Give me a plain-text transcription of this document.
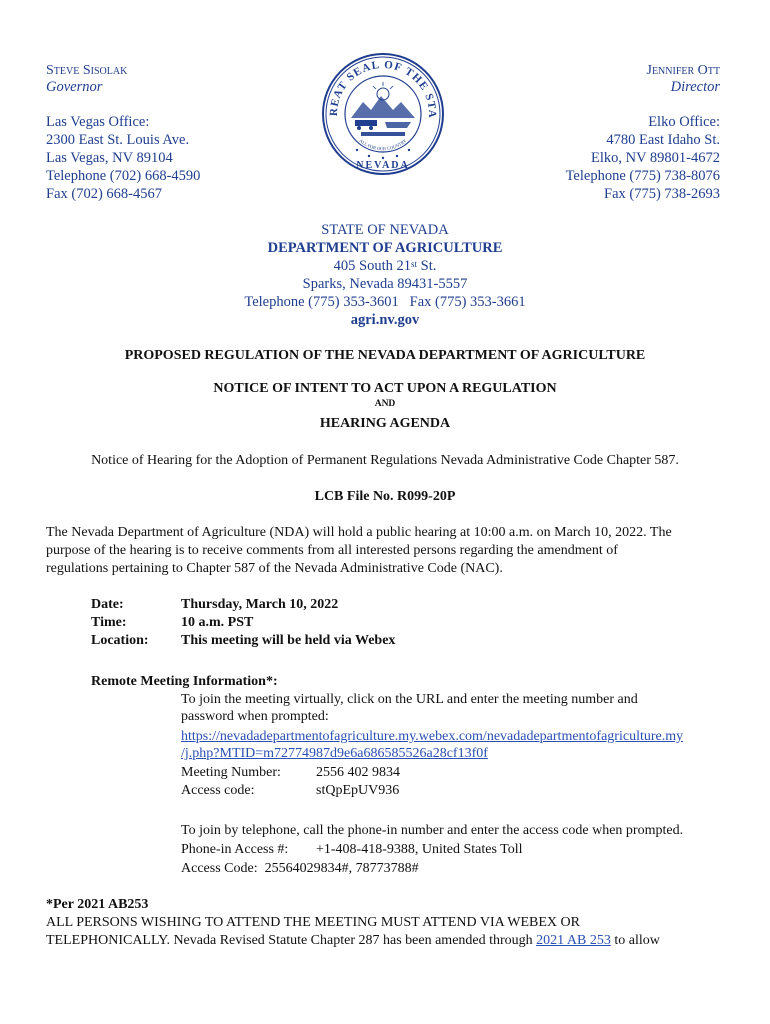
Steve Sisolak
Governor
Las Vegas Office:
2300 East St. Louis Ave.
Las Vegas, NV 89104
Telephone (702) 668-4590
Fax (702) 668-4567
Jennifer Ott
Director
Elko Office:
4780 East Idaho St.
Elko, NV 89801-4672
Telephone (775) 738-8076
Fax (775) 738-2693
REAT SEAL OF THE STA
ALL FOR OUR COUNTRY
NEVADA
STATE OF NEVADA
DEPARTMENT OF AGRICULTURE
405 South 21st St.
Sparks, Nevada 89431-5557
Telephone (775) 353-3601   Fax (775) 353-3661
agri.nv.gov
PROPOSED REGULATION OF THE NEVADA DEPARTMENT OF AGRICULTURE
NOTICE OF INTENT TO ACT UPON A REGULATION
AND
HEARING AGENDA
Notice of Hearing for the Adoption of Permanent Regulations Nevada Administrative Code Chapter 587.
LCB File No. R099-20P
The Nevada Department of Agriculture (NDA) will hold a public hearing at 10:00 a.m. on March 10, 2022. The
purpose of the hearing is to receive comments from all interested persons regarding the amendment of
regulations pertaining to Chapter 587 of the Nevada Administrative Code (NAC).
Date:	Thursday, March 10, 2022
Time:	10 a.m. PST
Location: This meeting will be held via Webex
Remote Meeting Information*:
To join the meeting virtually, click on the URL and enter the meeting number and
password when prompted:
https://nevadadepartmentofagriculture.my.webex.com/nevadadepartmentofagriculture.my
/j.php?MTID=m72774987d9e6a686585526a28cf13f0f
Meeting Number:	2556 402 9834
Access code:	stQpEpUV936
To join by telephone, call the phone-in number and enter the access code when prompted.
Phone-in Access #: +1-408-418-9388, United States Toll
Access Code:  25564029834#, 78773788#
*Per 2021 AB253
ALL PERSONS WISHING TO ATTEND THE MEETING MUST ATTEND VIA WEBEX OR
TELEPHONICALLY. Nevada Revised Statute Chapter 287 has been amended through 2021 AB 253 to allow
